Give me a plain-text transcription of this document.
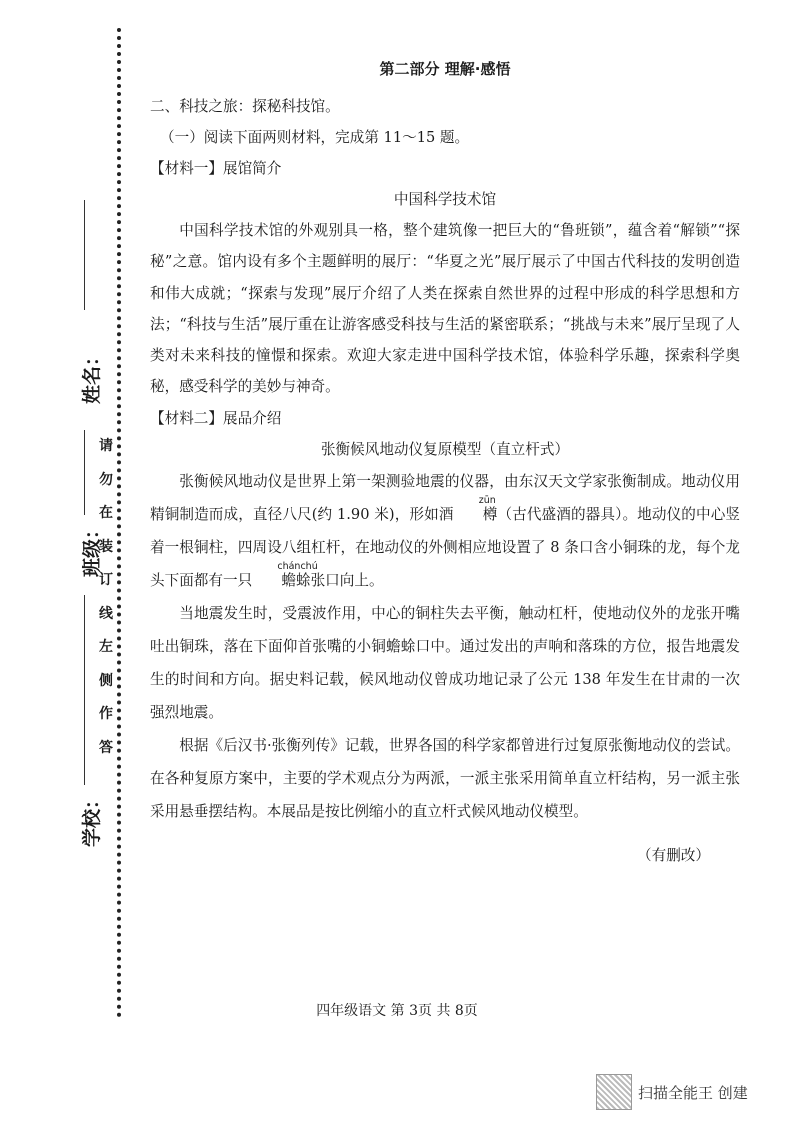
姓名：
班级：
学校：
请
勿
在
装
订
线
左
侧
作
答
第二部分 理解·感悟

二、科技之旅：探秘科技馆。

（一）阅读下面两则材料，完成第 11～15 题。

【材料一】展馆简介

中国科学技术馆

中国科学技术馆的外观别具一格，整个建筑像一把巨大的“鲁班锁”，蕴含着“解锁”“探秘”之意。馆内设有多个主题鲜明的展厅：“华夏之光”展厅展示了中国古代科技的发明创造和伟大成就；“探索与发现”展厅介绍了人类在探索自然世界的过程中形成的科学思想和方法；“科技与生活”展厅重在让游客感受科技与生活的紧密联系；“挑战与未来”展厅呈现了人类对未来科技的憧憬和探索。欢迎大家走进中国科学技术馆，体验科学乐趣，探索科学奥秘，感受科学的美妙与神奇。

【材料二】展品介绍

张衡候风地动仪复原模型（直立杆式）

张衡候风地动仪是世界上第一架测验地震的仪器，由东汉天文学家张衡制成。地动仪用精铜制造而成，直径八尺(约 1.90 米)，形如酒
zūn
樽（古代盛酒的器具）。地动仪的中心竖着一根铜柱，四周设八组杠杆，在地动仪的外侧相应地设置了 8 条口含小铜珠的龙，每个龙头下面都有一只
chánchú
蟾蜍张口向上。

当地震发生时，受震波作用，中心的铜柱失去平衡，触动杠杆，使地动仪外的龙张开嘴吐出铜珠，落在下面仰首张嘴的小铜蟾蜍口中。通过发出的声响和落珠的方位，报告地震发生的时间和方向。据史料记载，候风地动仪曾成功地记录了公元 138 年发生在甘肃的一次强烈地震。

根据《后汉书·张衡列传》记载，世界各国的科学家都曾进行过复原张衡地动仪的尝试。在各种复原方案中，主要的学术观点分为两派，一派主张采用简单直立杆结构，另一派主张采用悬垂摆结构。本展品是按比例缩小的直立杆式候风地动仪模型。

（有删改）

四年级语文 第 3页 共 8页
扫描全能王 创建
